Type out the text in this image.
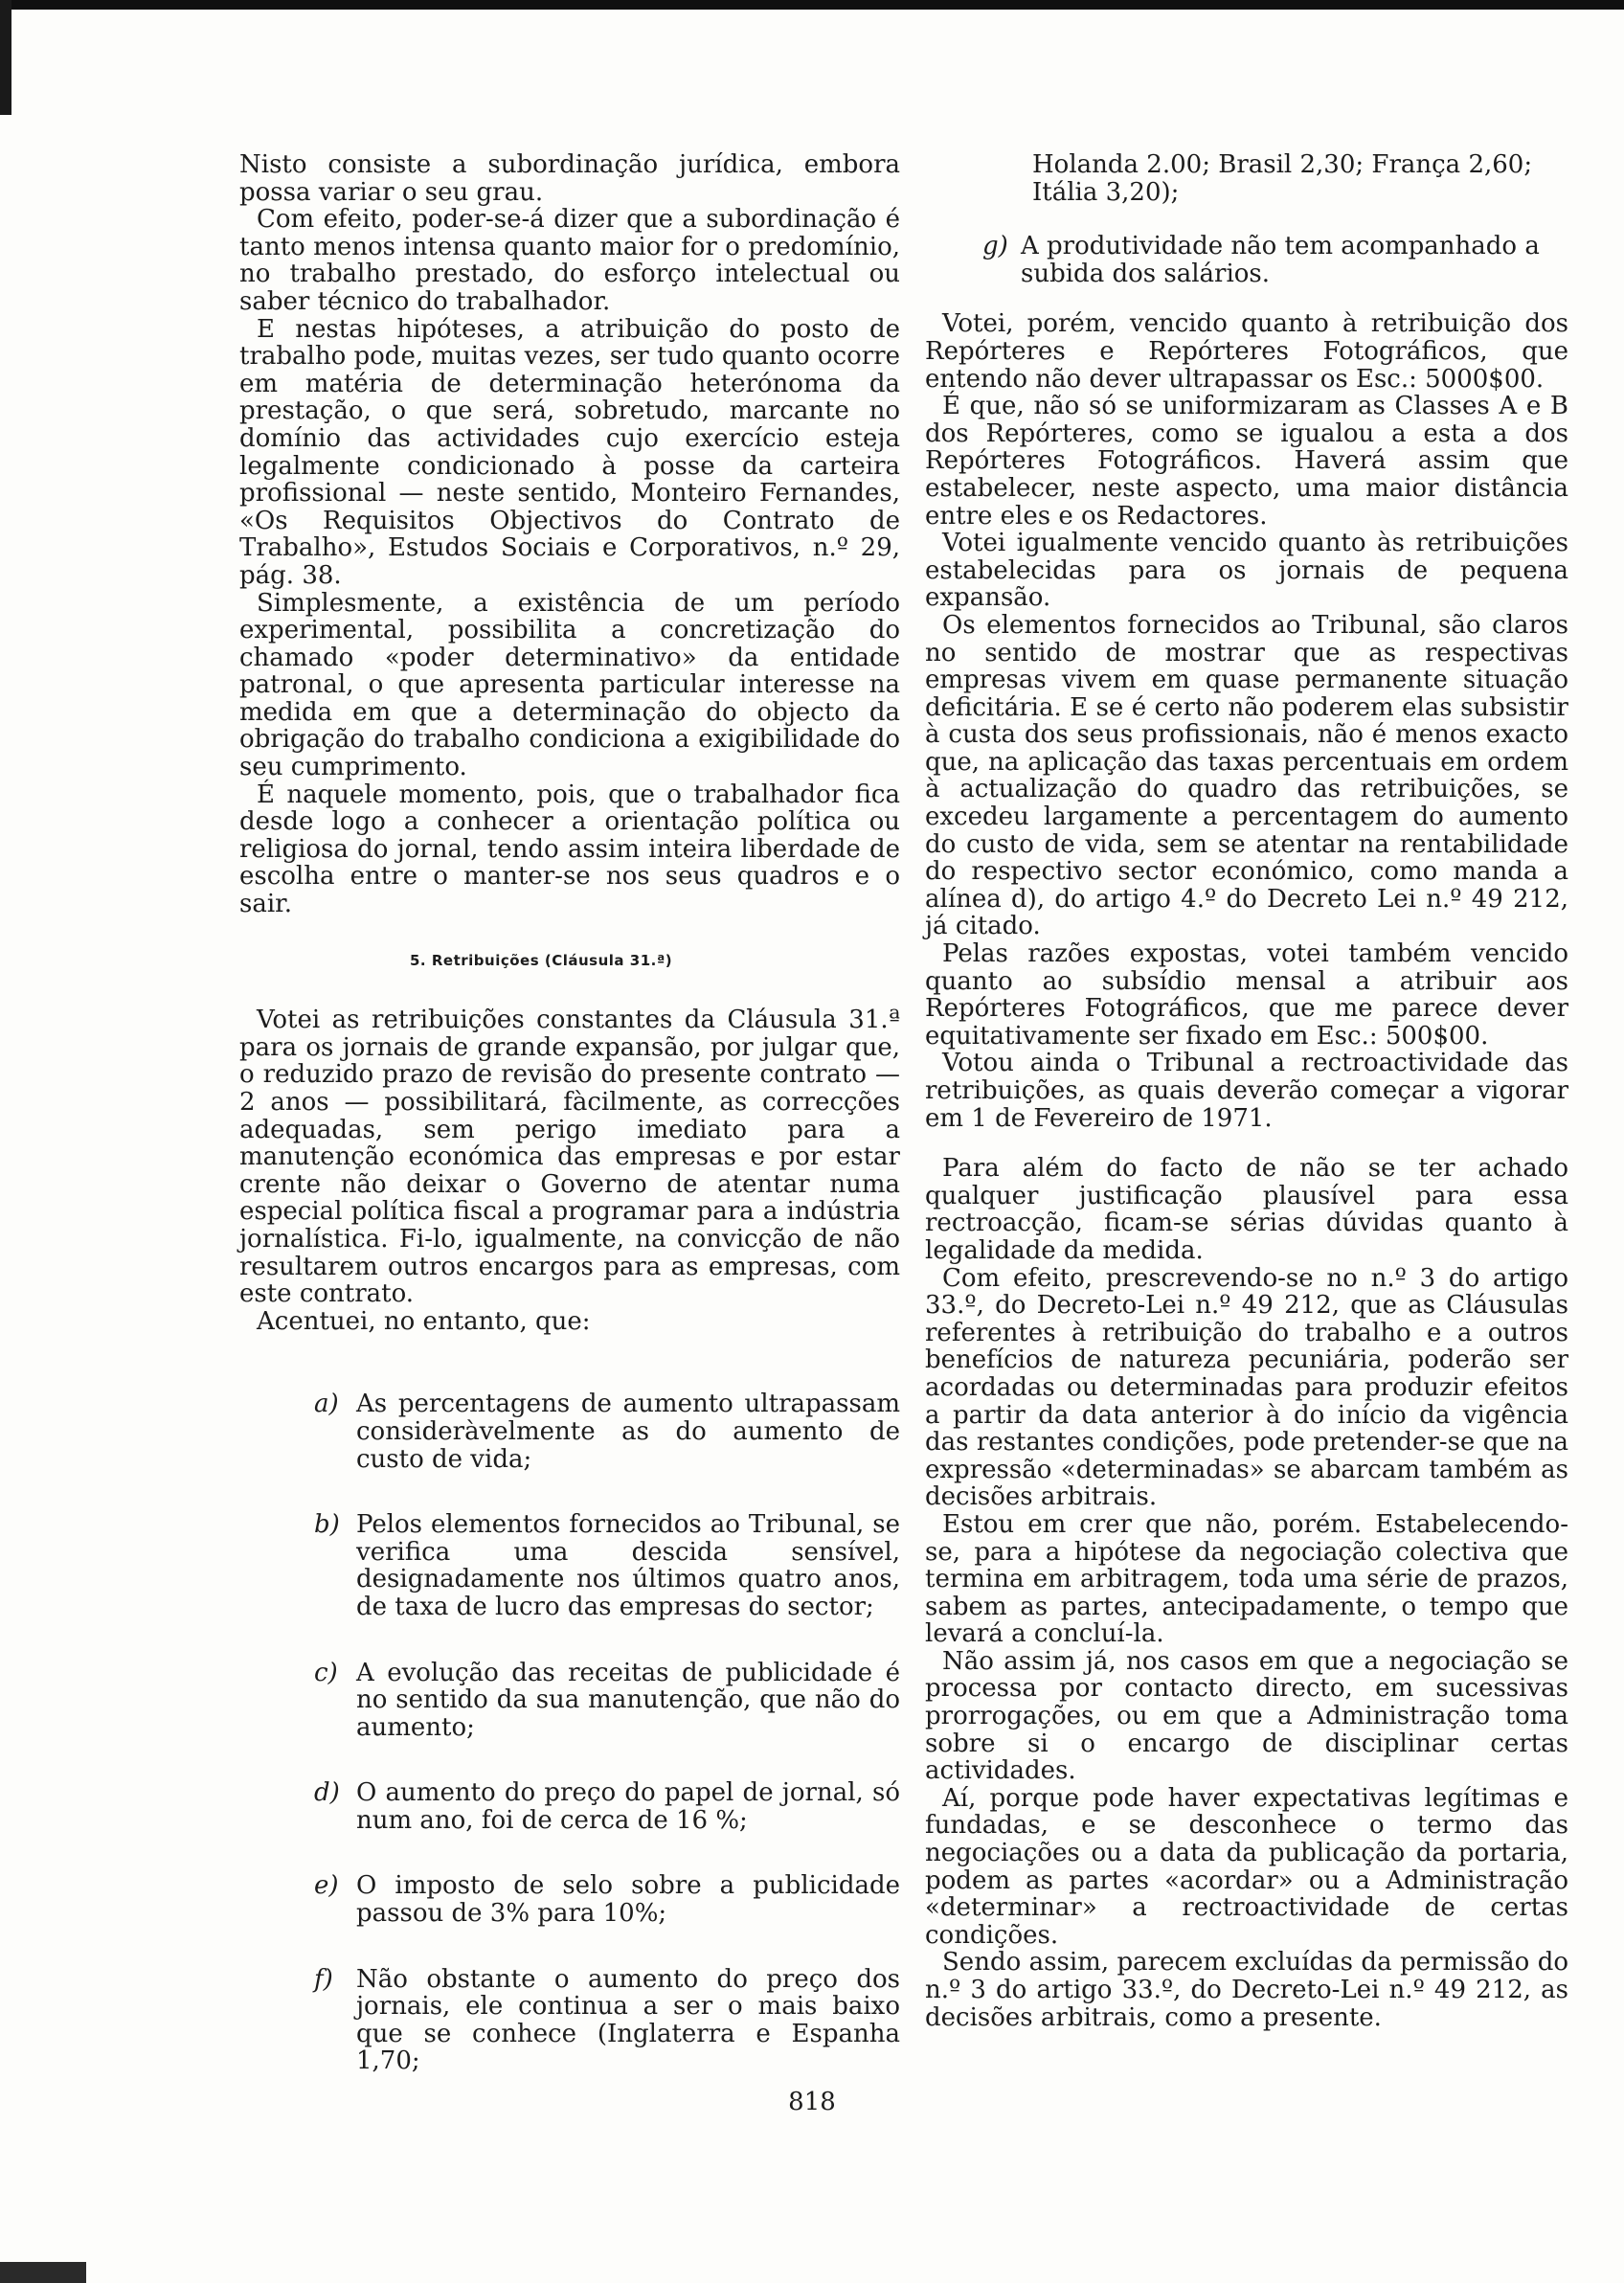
Nisto consiste a subordinação jurídica, embora possa variar o seu grau.

Com efeito, poder-se-á dizer que a subordinação é tanto menos intensa quanto maior for o predomínio, no trabalho prestado, do esforço intelectual ou saber técnico do trabalhador.

E nestas hipóteses, a atribuição do posto de trabalho pode, muitas vezes, ser tudo quanto ocorre em matéria de determinação heterónoma da prestação, o que será, sobretudo, marcante no domínio das actividades cujo exercício esteja legalmente condicionado à posse da carteira profissional — neste sentido, Monteiro Fernandes, «Os Requisitos Objectivos do Contrato de Trabalho», Estudos Sociais e Corporativos, n.º 29, pág. 38.

Simplesmente, a existência de um período experimental, possibilita a concretização do chamado «poder determinativo» da entidade patronal, o que apresenta particular interesse na medida em que a determinação do objecto da obrigação do trabalho condiciona a exigibilidade do seu cumprimento.

É naquele momento, pois, que o trabalhador fica desde logo a conhecer a orientação política ou religiosa do jornal, tendo assim inteira liberdade de escolha entre o manter-se nos seus quadros e o sair.

5. Retribuições (Cláusula 31.ª)

Votei as retribuições constantes da Cláusula 31.ª para os jornais de grande expansão, por julgar que, o reduzido prazo de revisão do presente contrato — 2 anos — possibilitará, fàcilmente, as correcções adequadas, sem perigo imediato para a manutenção económica das empresas e por estar crente não deixar o Governo de atentar numa especial política fiscal a programar para a indústria jornalística. Fi-lo, igualmente, na convicção de não resultarem outros encargos para as empresas, com este contrato.

Acentuei, no entanto, que:

a) As percentagens de aumento ultrapassam consideràvelmente as do aumento de custo de vida;
b) Pelos elementos fornecidos ao Tribunal, se verifica uma descida sensível, designadamente nos últimos quatro anos, de taxa de lucro das empresas do sector;
c) A evolução das receitas de publicidade é no sentido da sua manutenção, que não do aumento;
d) O aumento do preço do papel de jornal, só num ano, foi de cerca de 16 %;
e) O imposto de selo sobre a publicidade passou de 3% para 10%;
f) Não obstante o aumento do preço dos jornais, ele continua a ser o mais baixo que se conhece (Inglaterra e Espanha 1,70;
Holanda 2.00; Brasil 2,30; França 2,60; Itália 3,20);
g) A produtividade não tem acompanhado a subida dos salários.

Votei, porém, vencido quanto à retribuição dos Repórteres e Repórteres Fotográficos, que entendo não dever ultrapassar os Esc.: 5000$00.

É que, não só se uniformizaram as Classes A e B dos Repórteres, como se igualou a esta a dos Repórteres Fotográficos. Haverá assim que estabelecer, neste aspecto, uma maior distância entre eles e os Redactores.

Votei igualmente vencido quanto às retribuições estabelecidas para os jornais de pequena expansão.

Os elementos fornecidos ao Tribunal, são claros no sentido de mostrar que as respectivas empresas vivem em quase permanente situação deficitária. E se é certo não poderem elas subsistir à custa dos seus profissionais, não é menos exacto que, na aplicação das taxas percentuais em ordem à actualização do quadro das retribuições, se excedeu largamente a percentagem do aumento do custo de vida, sem se atentar na rentabilidade do respectivo sector económico, como manda a alínea d), do artigo 4.º do Decreto Lei n.º 49 212, já citado.

Pelas razões expostas, votei também vencido quanto ao subsídio mensal a atribuir aos Repórteres Fotográficos, que me parece dever equitativamente ser fixado em Esc.: 500$00.

Votou ainda o Tribunal a rectroactividade das retribuições, as quais deverão começar a vigorar em 1 de Fevereiro de 1971.

Para além do facto de não se ter achado qualquer justificação plausível para essa rectroacção, ficam-se sérias dúvidas quanto à legalidade da medida.

Com efeito, prescrevendo-se no n.º 3 do artigo 33.º, do Decreto-Lei n.º 49 212, que as Cláusulas referentes à retribuição do trabalho e a outros benefícios de natureza pecuniária, poderão ser acordadas ou determinadas para produzir efeitos a partir da data anterior à do início da vigência das restantes condições, pode pretender-se que na expressão «determinadas» se abarcam também as decisões arbitrais.

Estou em crer que não, porém. Estabelecendo-se, para a hipótese da negociação colectiva que termina em arbitragem, toda uma série de prazos, sabem as partes, antecipadamente, o tempo que levará a concluí-la.

Não assim já, nos casos em que a negociação se processa por contacto directo, em sucessivas prorrogações, ou em que a Administração toma sobre si o encargo de disciplinar certas actividades.

Aí, porque pode haver expectativas legítimas e fundadas, e se desconhece o termo das negociações ou a data da publicação da portaria, podem as partes «acordar» ou a Administração «determinar» a rectroactividade de certas condições.

Sendo assim, parecem excluídas da permissão do n.º 3 do artigo 33.º, do Decreto-Lei n.º 49 212, as decisões arbitrais, como a presente.

818
